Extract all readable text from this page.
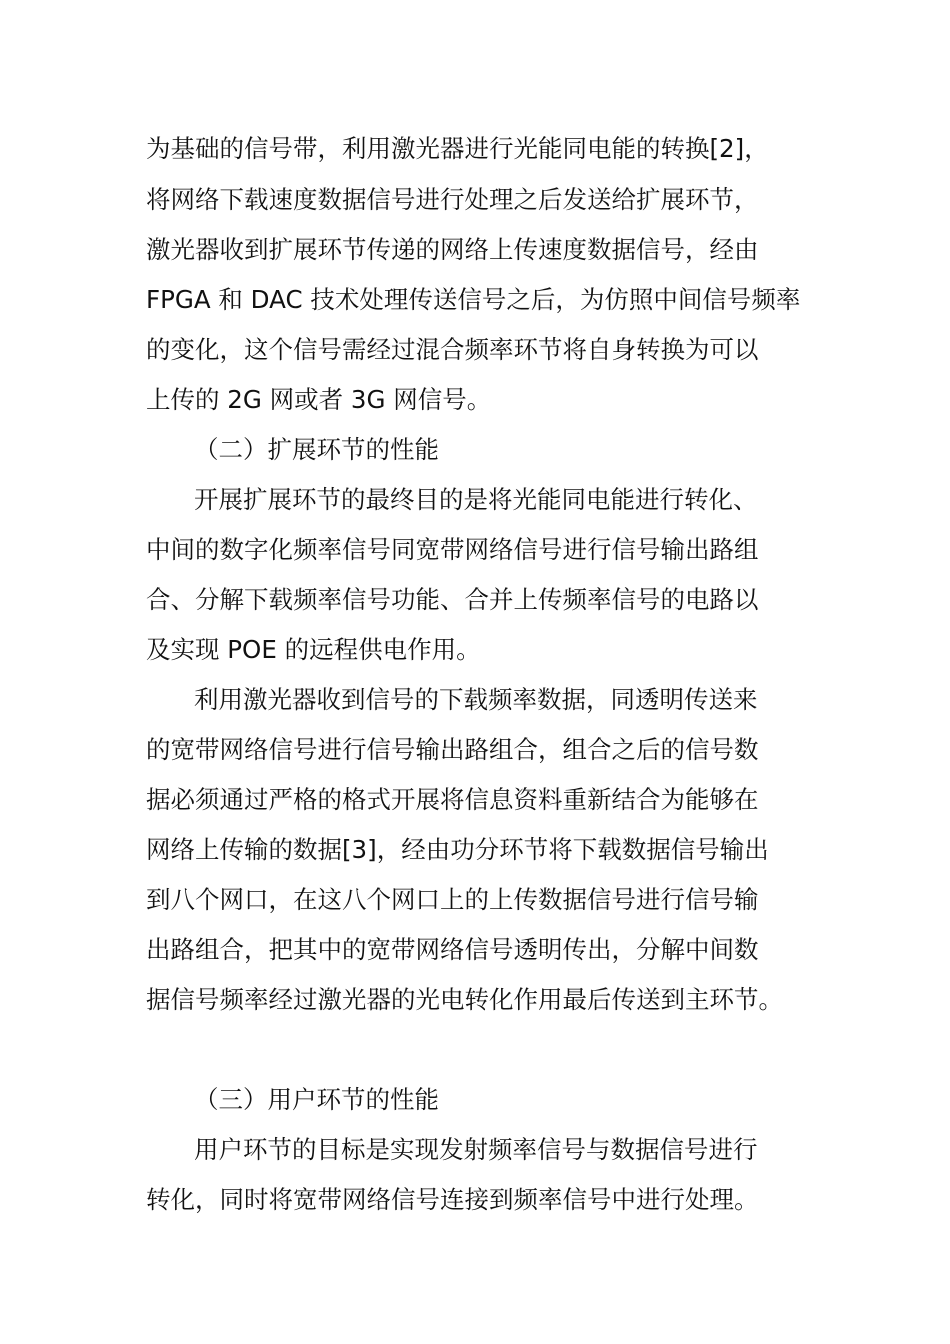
为基础的信号带，利用激光器进行光能同电能的转换[2]，
将网络下载速度数据信号进行处理之后发送给扩展环节，
激光器收到扩展环节传递的网络上传速度数据信号，经由
FPGA 和 DAC 技术处理传送信号之后，为仿照中间信号频率
的变化，这个信号需经过混合频率环节将自身转换为可以
上传的 2G 网或者 3G 网信号。
（二）扩展环节的性能
开展扩展环节的最终目的是将光能同电能进行转化、
中间的数字化频率信号同宽带网络信号进行信号输出路组
合、分解下载频率信号功能、合并上传频率信号的电路以
及实现 POE 的远程供电作用。
利用激光器收到信号的下载频率数据，同透明传送来
的宽带网络信号进行信号输出路组合，组合之后的信号数
据必须通过严格的格式开展将信息资料重新结合为能够在
网络上传输的数据[3]，经由功分环节将下载数据信号输出
到八个网口，在这八个网口上的上传数据信号进行信号输
出路组合，把其中的宽带网络信号透明传出，分解中间数
据信号频率经过激光器的光电转化作用最后传送到主环节。
（三）用户环节的性能
用户环节的目标是实现发射频率信号与数据信号进行
转化，同时将宽带网络信号连接到频率信号中进行处理。
